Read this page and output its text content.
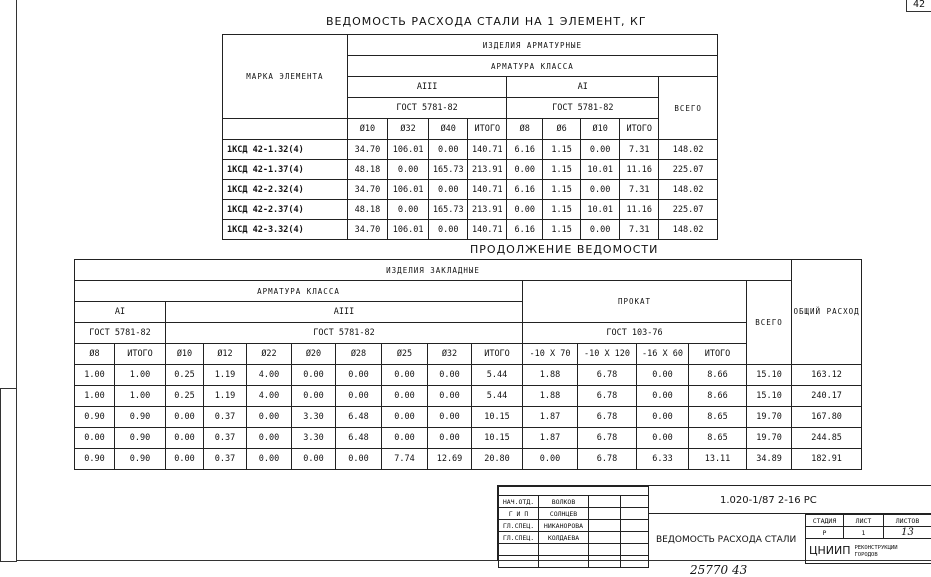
42
ВЕДОМОСТЬ РАСХОДА СТАЛИ НА 1 ЭЛЕМЕНТ, КГ
МАРКА ЭЛЕМЕНТА	ИЗДЕЛИЯ АРМАТУРНЫЕ								
	АРМАТУРА КЛАССА								
	AIII				AI				ВСЕГО
	ГОСТ 5781-82				ГОСТ 5781-82				
	Ø10	Ø32	Ø40	ИТОГО	Ø8	Ø6	Ø10	ИТОГО	
1КСД 42-1.32(4)	34.70	106.01	0.00	140.71	6.16	1.15	0.00	7.31	148.02
1КСД 42-1.37(4)	48.18	0.00	165.73	213.91	0.00	1.15	10.01	11.16	225.07
1КСД 42-2.32(4)	34.70	106.01	0.00	140.71	6.16	1.15	0.00	7.31	148.02
1КСД 42-2.37(4)	48.18	0.00	165.73	213.91	0.00	1.15	10.01	11.16	225.07
1КСД 42-3.32(4)	34.70	106.01	0.00	140.71	6.16	1.15	0.00	7.31	148.02
ПРОДОЛЖЕНИЕ ВЕДОМОСТИ
ИЗДЕЛИЯ ЗАКЛАДНЫЕ															ОБЩИЙ РАСХОД
АРМАТУРА КЛАССА										ПРОКАТ				ВСЕГО	
AI		AIII													
ГОСТ 5781-82		ГОСТ 5781-82								ГОСТ 103-76					
Ø8	ИТОГО	Ø10	Ø12	Ø22	Ø20	Ø28	Ø25	Ø32	ИТОГО	-10 X 70	-10 X 120	-16 X 60	ИТОГО		
1.00	1.00	0.25	1.19	4.00	0.00	0.00	0.00	0.00	5.44	1.88	6.78	0.00	8.66	15.10	163.12
1.00	1.00	0.25	1.19	4.00	0.00	0.00	0.00	0.00	5.44	1.88	6.78	0.00	8.66	15.10	240.17
0.90	0.90	0.00	0.37	0.00	3.30	6.48	0.00	0.00	10.15	1.87	6.78	0.00	8.65	19.70	167.80
0.00	0.90	0.00	0.37	0.00	3.30	6.48	0.00	0.00	10.15	1.87	6.78	0.00	8.65	19.70	244.85
0.90	0.90	0.00	0.37	0.00	0.00	0.00	7.74	12.69	20.80	0.00	6.78	6.33	13.11	34.89	182.91

НАЧ.ОТД.	ВОЛКОВ		
Г И П	СОЛНЦЕВ		
ГЛ.СПЕЦ.	НИКАНОРОВА		
ГЛ.СПЕЦ.	КОЛДАЕВА		

1.020-1/87 2-16 РС
ВЕДОМОСТЬ РАСХОДА СТАЛИ
СТАДИЯ	ЛИСТ	ЛИСТОВ
Р	1	13
ЦНИИП РЕКОНСТРУКЦИИ ГОРОДОВ		
25770 43
